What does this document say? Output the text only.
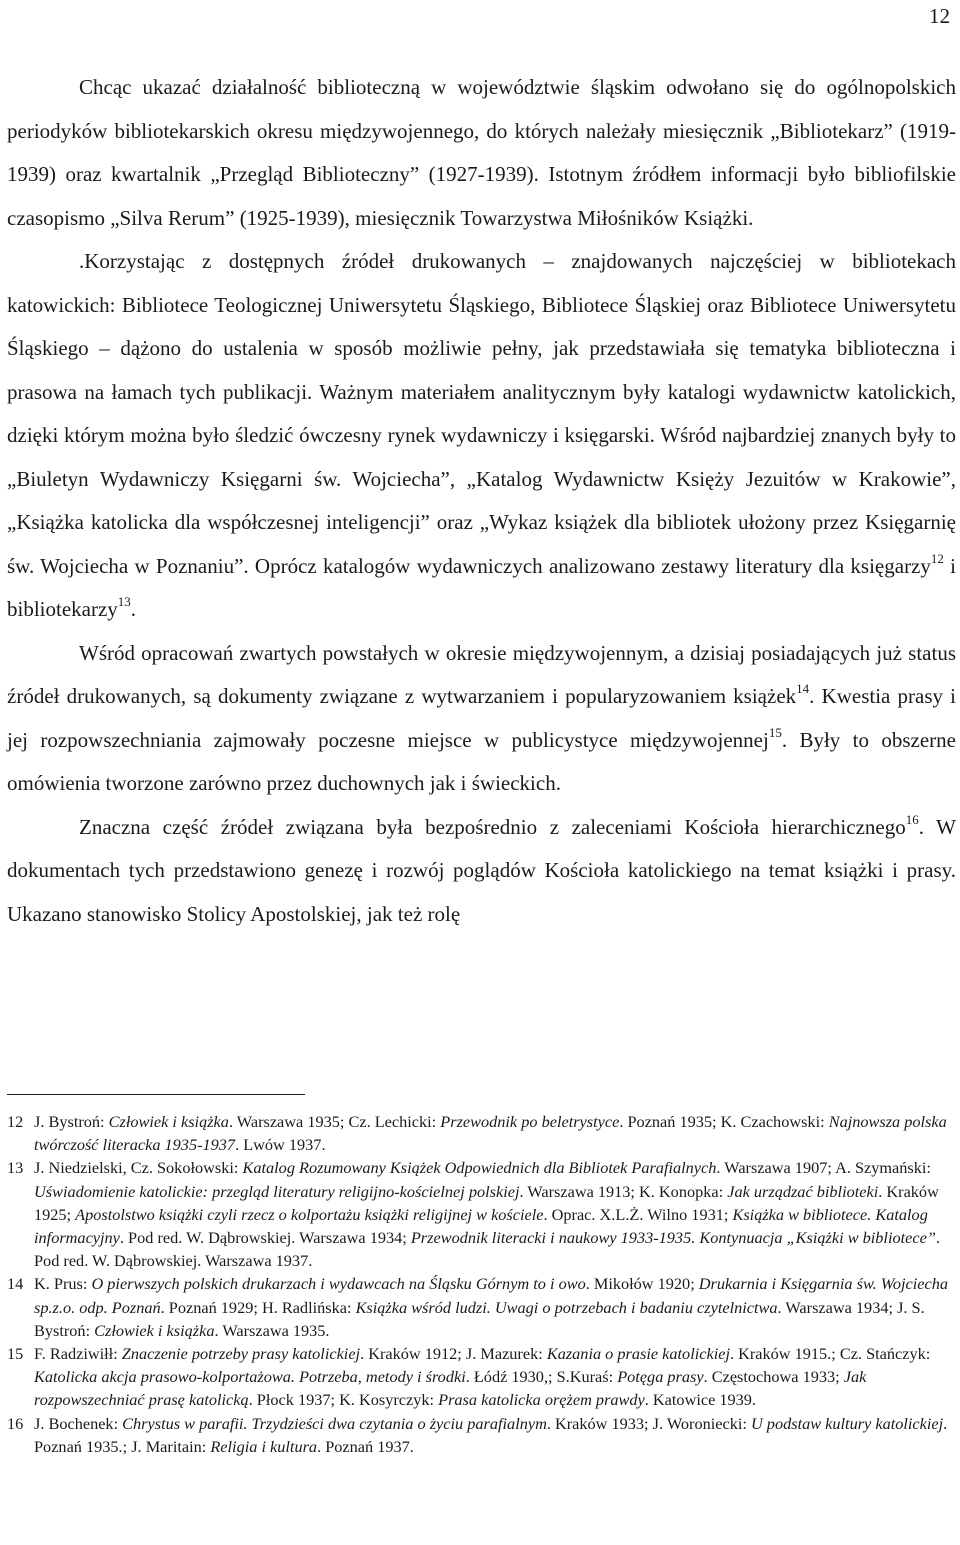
12

Chcąc ukazać działalność biblioteczną w województwie śląskim odwołano się do ogólnopolskich periodyków bibliotekarskich okresu międzywojennego, do których należały miesięcznik „Bibliotekarz” (1919-1939) oraz kwartalnik „Przegląd Biblioteczny” (1927-1939). Istotnym źródłem informacji było bibliofilskie czasopismo „Silva Rerum” (1925-1939), miesięcznik Towarzystwa Miłośników Książki.

.Korzystając z dostępnych źródeł drukowanych – znajdowanych najczęściej w bibliotekach katowickich: Bibliotece Teologicznej Uniwersytetu Śląskiego, Bibliotece Śląskiej oraz Bibliotece Uniwersytetu Śląskiego – dążono do ustalenia w sposób możliwie pełny, jak przedstawiała się tematyka biblioteczna i prasowa na łamach tych publikacji. Ważnym materiałem analitycznym były katalogi wydawnictw katolickich, dzięki którym można było śledzić ówczesny rynek wydawniczy i księgarski. Wśród najbardziej znanych były to „Biuletyn Wydawniczy Księgarni św. Wojciecha”, „Katalog Wydawnictw Księży Jezuitów w Krakowie”, „Książka katolicka dla współczesnej inteligencji” oraz „Wykaz książek dla bibliotek ułożony przez Księgarnię św. Wojciecha w Poznaniu”. Oprócz katalogów wydawniczych analizowano zestawy literatury dla księgarzy$^{12}$ i bibliotekarzy$^{13}$.

Wśród opracowań zwartych powstałych w okresie międzywojennym, a dzisiaj posiadających już status źródeł drukowanych, są dokumenty związane z wytwarzaniem i popularyzowaniem książek$^{14}$. Kwestia prasy i jej rozpowszechniania zajmowały poczesne miejsce w publicystyce międzywojennej$^{15}$. Były to obszerne omówienia tworzone zarówno przez duchownych jak i świeckich.

Znaczna część źródeł związana była bezpośrednio z zaleceniami Kościoła hierarchicznego$^{16}$. W dokumentach tych przedstawiono genezę i rozwój poglądów Kościoła katolickiego na temat książki i prasy. Ukazano stanowisko Stolicy Apostolskiej, jak też rolę

12 J. Bystroń: Człowiek i książka. Warszawa 1935; Cz. Lechicki: Przewodnik po beletrystyce. Poznań 1935; K. Czachowski: Najnowsza polska twórczość literacka 1935-1937. Lwów 1937.
13 J. Niedzielski, Cz. Sokołowski: Katalog Rozumowany Książek Odpowiednich dla Bibliotek Parafialnych. Warszawa 1907; A. Szymański: Uświadomienie katolickie: przegląd literatury religijno-kościelnej polskiej. Warszawa 1913; K. Konopka: Jak urządzać biblioteki. Kraków 1925; Apostolstwo książki czyli rzecz o kolportażu książki religijnej w kościele. Oprac. X.L.Ż. Wilno 1931; Książka w bibliotece. Katalog informacyjny. Pod red. W. Dąbrowskiej. Warszawa 1934; Przewodnik literacki i naukowy 1933-1935. Kontynuacja „Książki w bibliotece”. Pod red. W. Dąbrowskiej. Warszawa 1937.
14 K. Prus: O pierwszych polskich drukarzach i wydawcach na Śląsku Górnym to i owo. Mikołów 1920; Drukarnia i Księgarnia św. Wojciecha sp.z.o. odp. Poznań. Poznań 1929; H. Radlińska: Książka wśród ludzi. Uwagi o potrzebach i badaniu czytelnictwa. Warszawa 1934; J. S. Bystroń: Człowiek i książka. Warszawa 1935.
15 F. Radziwiłł: Znaczenie potrzeby prasy katolickiej. Kraków 1912; J. Mazurek: Kazania o prasie katolickiej. Kraków 1915.; Cz. Stańczyk: Katolicka akcja prasowo-kolportażowa. Potrzeba, metody i środki. Łódź 1930,; S.Kuraś: Potęga prasy. Częstochowa 1933; Jak rozpowszechniać prasę katolicką. Płock 1937; K. Kosyrczyk: Prasa katolicka orężem prawdy. Katowice 1939.
16 J. Bochenek: Chrystus w parafii. Trzydzieści dwa czytania o życiu parafialnym. Kraków 1933; J. Woroniecki: U podstaw kultury katolickiej. Poznań 1935.; J. Maritain: Religia i kultura. Poznań 1937.
